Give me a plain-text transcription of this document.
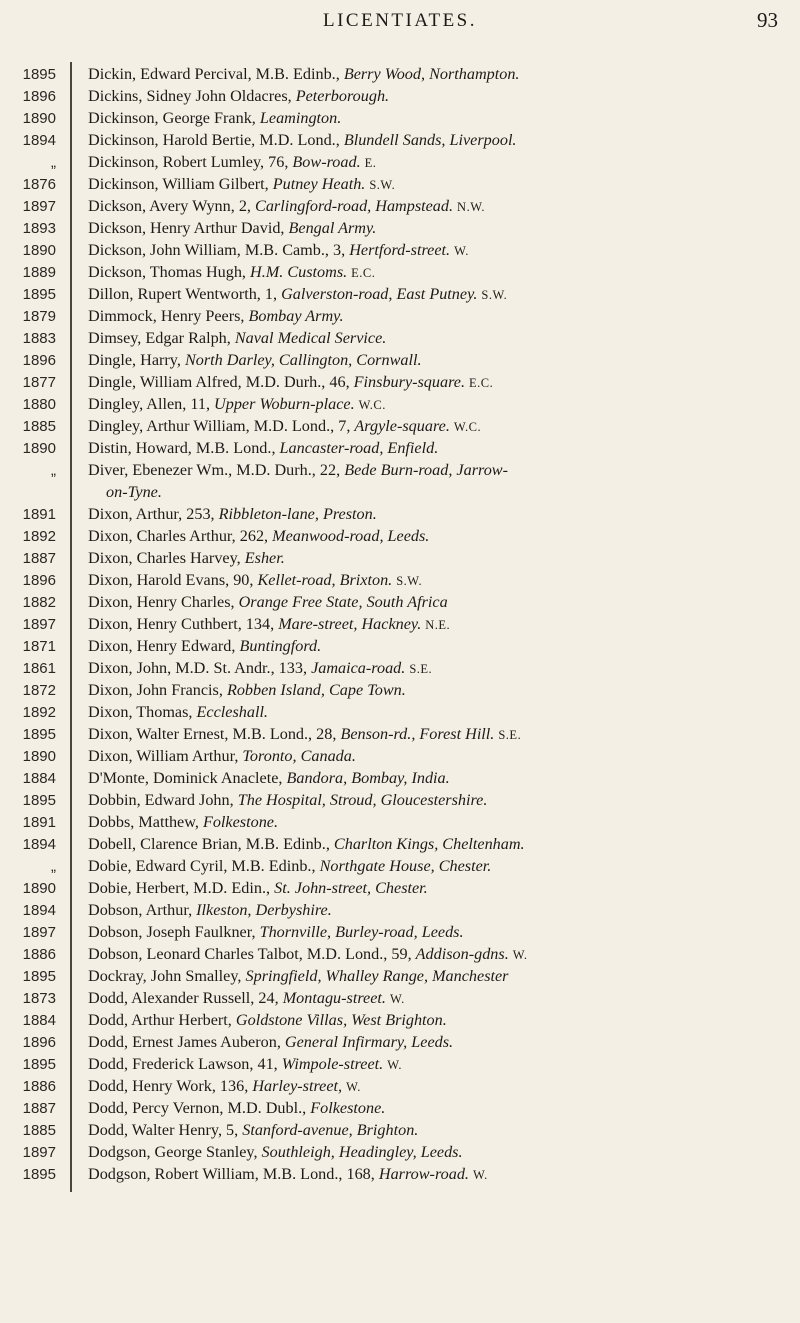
LICENTIATES.	93
1895 Dickin, Edward Percival, M.B. Edinb., Berry Wood, Northampton.
1896 Dickins, Sidney John Oldacres, Peterborough.
1890 Dickinson, George Frank, Leamington.
1894 Dickinson, Harold Bertie, M.D. Lond., Blundell Sands, Liverpool.
„ Dickinson, Robert Lumley, 76, Bow-road. E.
1876 Dickinson, William Gilbert, Putney Heath. S.W.
1897 Dickson, Avery Wynn, 2, Carlingford-road, Hampstead. N.W.
1893 Dickson, Henry Arthur David, Bengal Army.
1890 Dickson, John William, M.B. Camb., 3, Hertford-street. W.
1889 Dickson, Thomas Hugh, H.M. Customs. E.C.
1895 Dillon, Rupert Wentworth, 1, Galverston-road, East Putney. S.W.
1879 Dimmock, Henry Peers, Bombay Army.
1883 Dimsey, Edgar Ralph, Naval Medical Service.
1896 Dingle, Harry, North Darley, Callington, Cornwall.
1877 Dingle, William Alfred, M.D. Durh., 46, Finsbury-square. E.C.
1880 Dingley, Allen, 11, Upper Woburn-place. W.C.
1885 Dingley, Arthur William, M.D. Lond., 7, Argyle-square. W.C.
1890 Distin, Howard, M.B. Lond., Lancaster-road, Enfield.
„ Diver, Ebenezer Wm., M.D. Durh., 22, Bede Burn-road, Jarrow-
on-Tyne.
1891 Dixon, Arthur, 253, Ribbleton-lane, Preston.
1892 Dixon, Charles Arthur, 262, Meanwood-road, Leeds.
1887 Dixon, Charles Harvey, Esher.
1896 Dixon, Harold Evans, 90, Kellet-road, Brixton. S.W.
1882 Dixon, Henry Charles, Orange Free State, South Africa
1897 Dixon, Henry Cuthbert, 134, Mare-street, Hackney. N.E.
1871 Dixon, Henry Edward, Buntingford.
1861 Dixon, John, M.D. St. Andr., 133, Jamaica-road. S.E.
1872 Dixon, John Francis, Robben Island, Cape Town.
1892 Dixon, Thomas, Eccleshall.
1895 Dixon, Walter Ernest, M.B. Lond., 28, Benson-rd., Forest Hill. S.E.
1890 Dixon, William Arthur, Toronto, Canada.
1884 D'Monte, Dominick Anaclete, Bandora, Bombay, India.
1895 Dobbin, Edward John, The Hospital, Stroud, Gloucestershire.
1891 Dobbs, Matthew, Folkestone.
1894 Dobell, Clarence Brian, M.B. Edinb., Charlton Kings, Cheltenham.
„ Dobie, Edward Cyril, M.B. Edinb., Northgate House, Chester.
1890 Dobie, Herbert, M.D. Edin., St. John-street, Chester.
1894 Dobson, Arthur, Ilkeston, Derbyshire.
1897 Dobson, Joseph Faulkner, Thornville, Burley-road, Leeds.
1886 Dobson, Leonard Charles Talbot, M.D. Lond., 59, Addison-gdns. W.
1895 Dockray, John Smalley, Springfield, Whalley Range, Manchester
1873 Dodd, Alexander Russell, 24, Montagu-street. W.
1884 Dodd, Arthur Herbert, Goldstone Villas, West Brighton.
1896 Dodd, Ernest James Auberon, General Infirmary, Leeds.
1895 Dodd, Frederick Lawson, 41, Wimpole-street. W.
1886 Dodd, Henry Work, 136, Harley-street, W.
1887 Dodd, Percy Vernon, M.D. Dubl., Folkestone.
1885 Dodd, Walter Henry, 5, Stanford-avenue, Brighton.
1897 Dodgson, George Stanley, Southleigh, Headingley, Leeds.
1895 Dodgson, Robert William, M.B. Lond., 168, Harrow-road. W.
